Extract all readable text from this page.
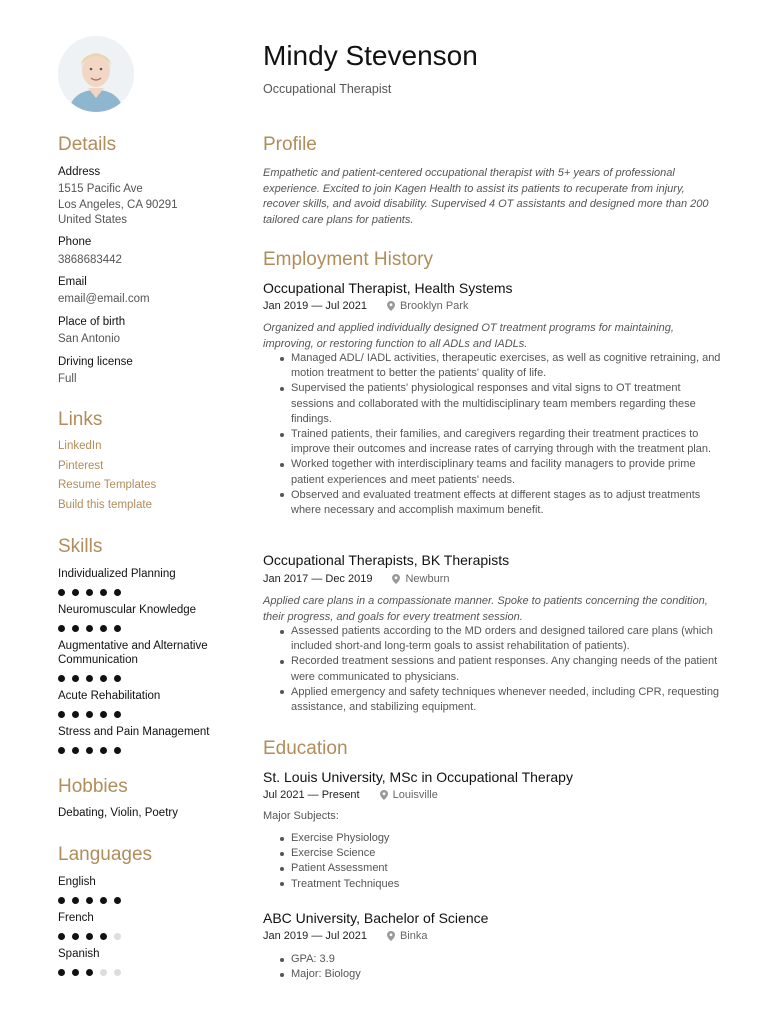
Mindy Stevenson
Occupational Therapist
Details
Address
1515 Pacific Ave
Los Angeles, CA 90291
United States
Phone
3868683442
Email
email@email.com
Place of birth
San Antonio
Driving license
Full
Links
LinkedIn
Pinterest
Resume Templates
Build this template
Skills
Individualized Planning
Neuromuscular Knowledge
Augmentative and Alternative Communication
Acute Rehabilitation
Stress and Pain Management
Hobbies
Debating, Violin, Poetry
Languages
English
French
Spanish
Profile
Empathetic and patient-centered occupational therapist with 5+ years of professional experience. Excited to join Kagen Health to assist its patients to recuperate from injury, recover skills, and avoid disability. Supervised 4 OT assistants and designed more than 200 tailored care plans for patients.
Employment History
Occupational Therapist, Health Systems
Jan 2019 — Jul 2021	Brooklyn Park
Organized and applied individually designed OT treatment programs for maintaining, improving, or restoring function to all ADLs and IADLs.
Managed ADL/ IADL activities, therapeutic exercises, as well as cognitive retraining, and motion treatment to better the patients' quality of life.
Supervised the patients' physiological responses and vital signs to OT treatment sessions and collaborated with the multidisciplinary team members regarding these findings.
Trained patients, their families, and caregivers regarding their treatment practices to improve their outcomes and increase rates of carrying through with the treatment plan.
Worked together with interdisciplinary teams and facility managers to provide prime patient experiences and meet patients' needs.
Observed and evaluated treatment effects at different stages as to adjust treatments where necessary and accomplish maximum benefit.
Occupational Therapists, BK Therapists
Jan 2017 — Dec 2019	Newburn
Applied care plans in a compassionate manner. Spoke to patients concerning the condition, their progress, and goals for every treatment session.
Assessed patients according to the MD orders and designed tailored care plans (which included short-and long-term goals to assist rehabilitation of patients).
Recorded treatment sessions and patient responses. Any changing needs of the patient were communicated to physicians.
Applied emergency and safety techniques whenever needed, including CPR, requesting assistance, and stabilizing equipment.
Education
St. Louis University, MSc in Occupational Therapy
Jul 2021 — Present	Louisville
Major Subjects:
Exercise Physiology
Exercise Science
Patient Assessment
Treatment Techniques
ABC University, Bachelor of Science
Jan 2019 — Jul 2021	Binka
GPA: 3.9
Major: Biology
